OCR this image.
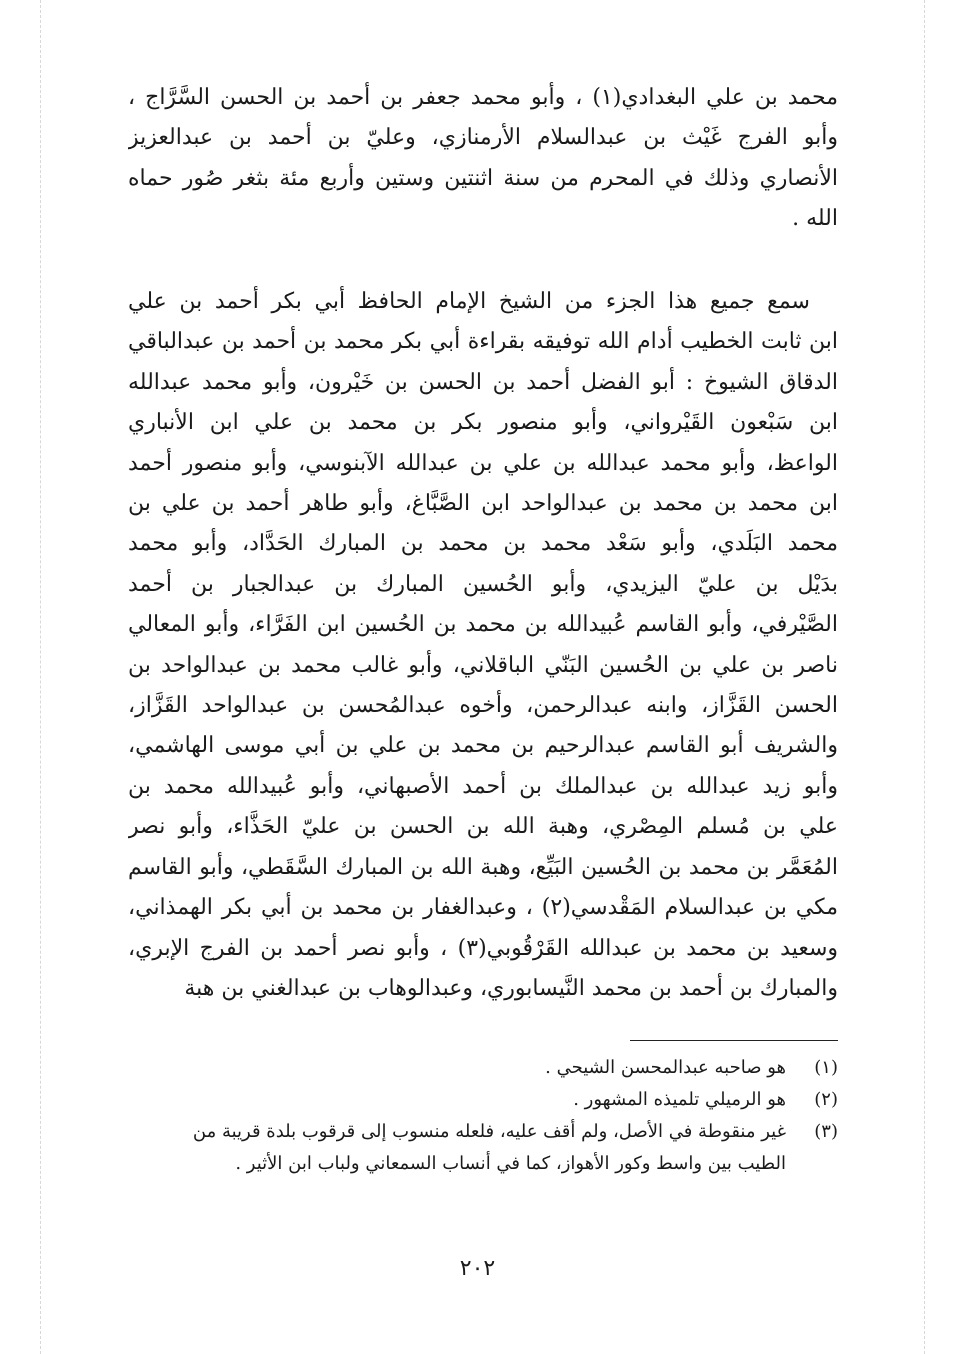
محمد بن علي البغدادي(١) ، وأبو محمد جعفر بن أحمد بن الحسن السَّرَّاج ،
وأبو الفرج غَيْث بن عبدالسلام الأرمنازي، وعليّ بن أحمد بن عبدالعزيز
الأنصاري وذلك في المحرم من سنة اثنتين وستين وأربع مئة بثغر صُور حماه
الله .
سمع جميع هذا الجزء من الشيخ الإمام الحافظ أبي بكر أحمد بن علي
ابن ثابت الخطيب أدام الله توفيقه بقراءة أبي بكر محمد بن أحمد بن عبدالباقي
الدقاق الشيوخ : أبو الفضل أحمد بن الحسن بن خَيْرون، وأبو محمد عبدالله
ابن سَبْعون القَيْرواني، وأبو منصور بكر بن محمد بن علي ابن الأنباري
الواعظ، وأبو محمد عبدالله بن علي بن عبدالله الآبنوسي، وأبو منصور أحمد
ابن محمد بن محمد بن عبدالواحد ابن الصَّبَّاغ، وأبو طاهر أحمد بن علي بن
محمد البَلَدي، وأبو سَعْد محمد بن محمد بن المبارك الحَدَّاد، وأبو محمد
بدَيْل بن عليّ اليزيدي، وأبو الحُسين المبارك بن عبدالجبار بن أحمد
الصَّيْرفي، وأبو القاسم عُبيدالله بن محمد بن الحُسين ابن الفَرَّاء، وأبو المعالي
ناصر بن علي بن الحُسين البَنّي الباقلاني، وأبو غالب محمد بن عبدالواحد بن
الحسن القَزَّاز، وابنه عبدالرحمن، وأخوه عبدالمُحسن بن عبدالواحد القَزَّاز،
والشريف أبو القاسم عبدالرحيم بن محمد بن علي بن أبي موسى الهاشمي،
وأبو زيد عبدالله بن عبدالملك بن أحمد الأصبهاني، وأبو عُبيدالله محمد بن
علي بن مُسلم المِصْري، وهبة الله بن الحسن بن عليّ الحَذَّاء، وأبو نصر
المُعَمَّر بن محمد بن الحُسين البَيِّع، وهبة الله بن المبارك السَّقَطي، وأبو القاسم
مكي بن عبدالسلام المَقْدسي(٢) ، وعبدالغفار بن محمد بن أبي بكر الهمذاني،
وسعيد بن محمد بن عبدالله القَرْقُوبي(٣) ، وأبو نصر أحمد بن الفرج الإبري،
والمبارك بن أحمد بن محمد النَّيسابوري، وعبدالوهاب بن عبدالغني بن هبة
(١)
هو صاحبه عبدالمحسن الشيحي .
(٢)
هو الرميلي تلميذه المشهور .
(٣)
غير منقوطة في الأصل، ولم أقف عليه، فلعله منسوب إلى قرقوب بلدة قريبة من
الطيب بين واسط وكور الأهواز، كما في أنساب السمعاني ولباب ابن الأثير .
٢٠٢
